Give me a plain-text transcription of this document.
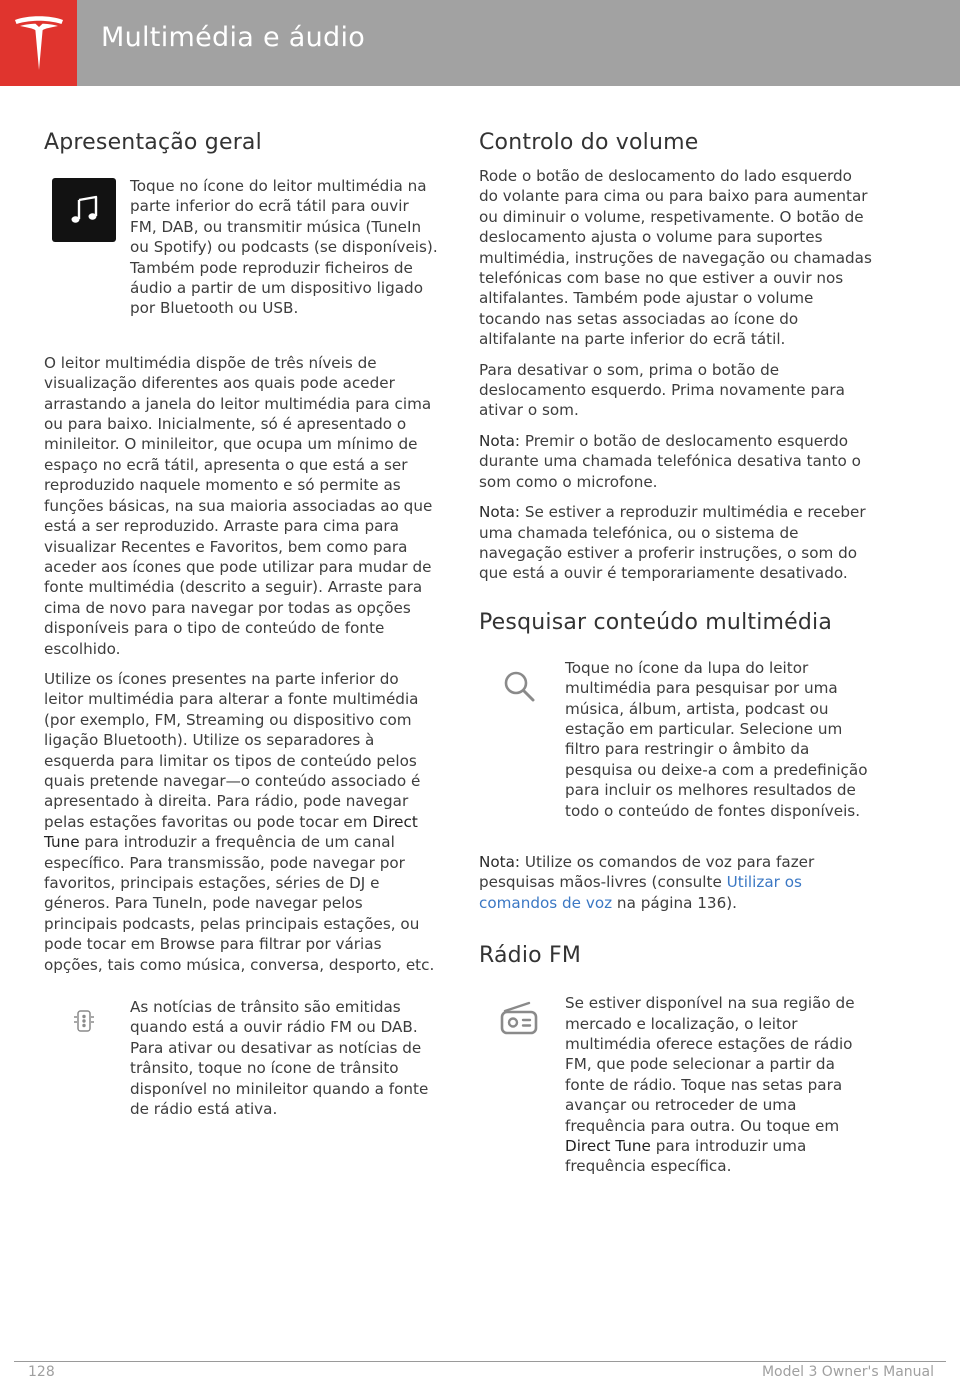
Multimédia e áudio
Apresentação geral

Toque no ícone do leitor multimédia na parte inferior do ecrã tátil para ouvir FM, DAB, ou transmitir música (TuneIn ou Spotify) ou podcasts (se disponíveis). Também pode reproduzir ficheiros de áudio a partir de um dispositivo ligado por Bluetooth ou USB.

O leitor multimédia dispõe de três níveis de visualização diferentes aos quais pode aceder arrastando a janela do leitor multimédia para cima ou para baixo. Inicialmente, só é apresentado o minileitor. O minileitor, que ocupa um mínimo de espaço no ecrã tátil, apresenta o que está a ser reproduzido naquele momento e só permite as funções básicas, na sua maioria associadas ao que está a ser reproduzido. Arraste para cima para visualizar Recentes e Favoritos, bem como para aceder aos ícones que pode utilizar para mudar de fonte multimédia (descrito a seguir). Arraste para cima de novo para navegar por todas as opções disponíveis para o tipo de conteúdo de fonte escolhido.

Utilize os ícones presentes na parte inferior do leitor multimédia para alterar a fonte multimédia (por exemplo, FM, Streaming ou dispositivo com ligação Bluetooth). Utilize os separadores à esquerda para limitar os tipos de conteúdo pelos quais pretende navegar—o conteúdo associado é apresentado à direita. Para rádio, pode navegar pelas estações favoritas ou pode tocar em Direct Tune para introduzir a frequência de um canal específico. Para transmissão, pode navegar por favoritos, principais estações, séries de DJ e géneros. Para TuneIn, pode navegar pelos principais podcasts, pelas principais estações, ou pode tocar em Browse para filtrar por várias opções, tais como música, conversa, desporto, etc.

As notícias de trânsito são emitidas quando está a ouvir rádio FM ou DAB. Para ativar ou desativar as notícias de trânsito, toque no ícone de trânsito disponível no minileitor quando a fonte de rádio está ativa.

Controlo do volume

Rode o botão de deslocamento do lado esquerdo do volante para cima ou para baixo para aumentar ou diminuir o volume, respetivamente. O botão de deslocamento ajusta o volume para suportes multimédia, instruções de navegação ou chamadas telefónicas com base no que estiver a ouvir nos altifalantes. Também pode ajustar o volume tocando nas setas associadas ao ícone do altifalante na parte inferior do ecrã tátil.

Para desativar o som, prima o botão de deslocamento esquerdo. Prima novamente para ativar o som.

Nota: Premir o botão de deslocamento esquerdo durante uma chamada telefónica desativa tanto o som como o microfone.

Nota: Se estiver a reproduzir multimédia e receber uma chamada telefónica, ou o sistema de navegação estiver a proferir instruções, o som do que está a ouvir é temporariamente desativado.

Pesquisar conteúdo multimédia

Toque no ícone da lupa do leitor multimédia para pesquisar por uma música, álbum, artista, podcast ou estação em particular. Selecione um filtro para restringir o âmbito da pesquisa ou deixe-a com a predefinição para incluir os melhores resultados de todo o conteúdo de fontes disponíveis.

Nota: Utilize os comandos de voz para fazer pesquisas mãos-livres (consulte Utilizar os comandos de voz na página 136).

Rádio FM

Se estiver disponível na sua região de mercado e localização, o leitor multimédia oferece estações de rádio FM, que pode selecionar a partir da fonte de rádio. Toque nas setas para avançar ou retroceder de uma frequência para outra. Ou toque em Direct Tune para introduzir uma frequência específica.

128	Model 3 Owner's Manual
